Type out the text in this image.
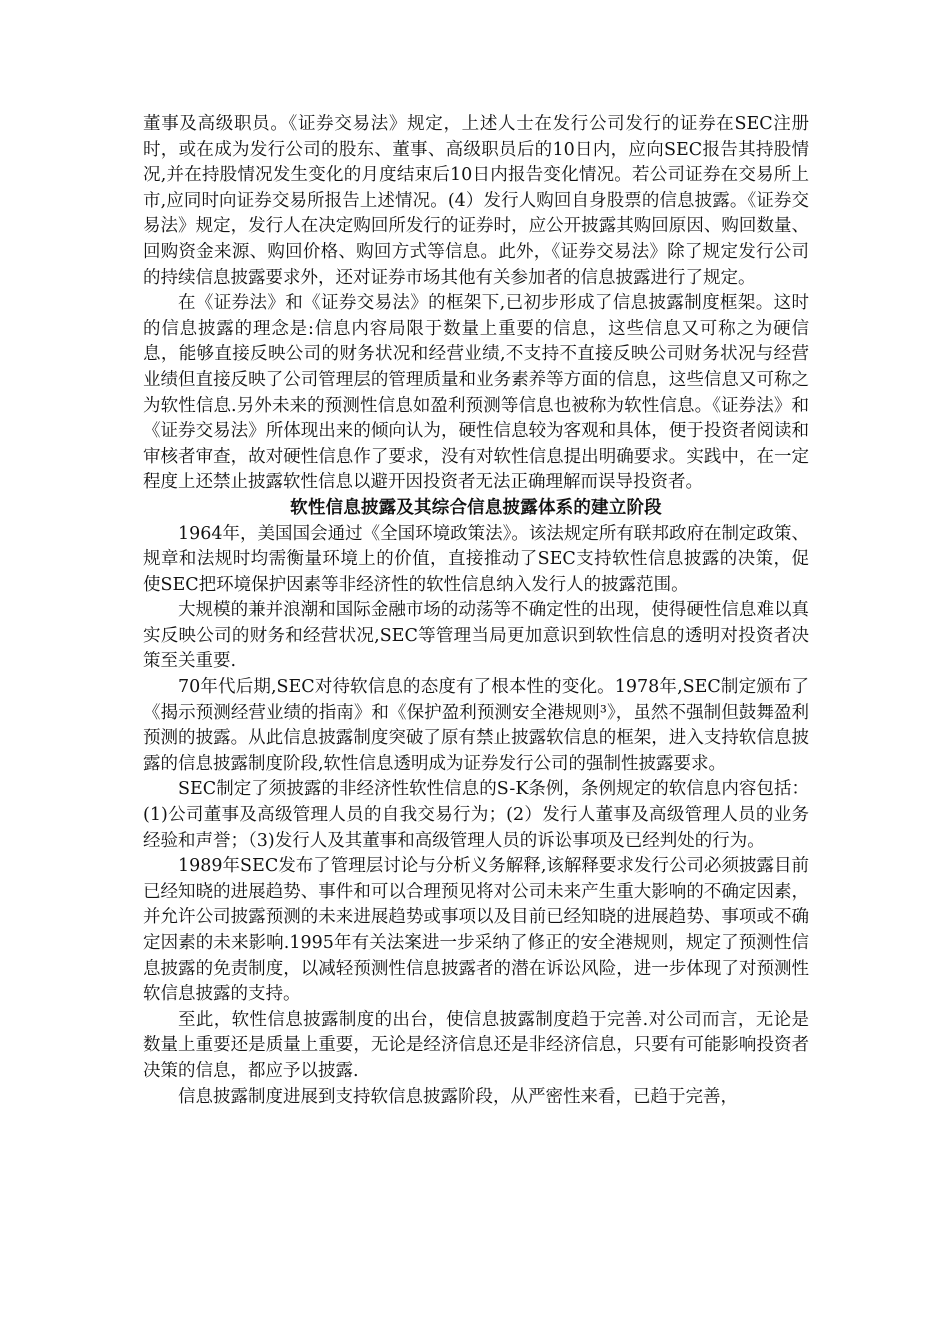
董事及高级职员。《证券交易法》规定，上述人士在发行公司发行的证券在SEC注册时，或在成为发行公司的股东、董事、高级职员后的10日内，应向SEC报告其持股情况,并在持股情况发生变化的月度结束后10日内报告变化情况。若公司证券在交易所上市,应同时向证券交易所报告上述情况。(4）发行人购回自身股票的信息披露。《证券交易法》规定，发行人在决定购回所发行的证券时，应公开披露其购回原因、购回数量、回购资金来源、购回价格、购回方式等信息。此外，《证券交易法》除了规定发行公司的持续信息披露要求外，还对证券市场其他有关参加者的信息披露进行了规定。

在《证券法》和《证券交易法》的框架下,已初步形成了信息披露制度框架。这时的信息披露的理念是:信息内容局限于数量上重要的信息，这些信息又可称之为硬信息，能够直接反映公司的财务状况和经营业绩,不支持不直接反映公司财务状况与经营业绩但直接反映了公司管理层的管理质量和业务素养等方面的信息，这些信息又可称之为软性信息.另外未来的预测性信息如盈利预测等信息也被称为软性信息。《证券法》和《证券交易法》所体现出来的倾向认为，硬性信息较为客观和具体，便于投资者阅读和审核者审查，故对硬性信息作了要求，没有对软性信息提出明确要求。实践中，在一定程度上还禁止披露软性信息以避开因投资者无法正确理解而误导投资者。

软性信息披露及其综合信息披露体系的建立阶段

1964年，美国国会通过《全国环境政策法》。该法规定所有联邦政府在制定政策、规章和法规时均需衡量环境上的价值，直接推动了SEC支持软性信息披露的决策，促使SEC把环境保护因素等非经济性的软性信息纳入发行人的披露范围。

大规模的兼并浪潮和国际金融市场的动荡等不确定性的出现，使得硬性信息难以真实反映公司的财务和经营状况,SEC等管理当局更加意识到软性信息的透明对投资者决策至关重要.

70年代后期,SEC对待软信息的态度有了根本性的变化。1978年,SEC制定颁布了《揭示预测经营业绩的指南》和《保护盈利预测安全港规则³》，虽然不强制但鼓舞盈利预测的披露。从此信息披露制度突破了原有禁止披露软信息的框架，进入支持软信息披露的信息披露制度阶段,软性信息透明成为证券发行公司的强制性披露要求。

SEC制定了须披露的非经济性软性信息的S-K条例，条例规定的软信息内容包括：(1)公司董事及高级管理人员的自我交易行为；(2）发行人董事及高级管理人员的业务经验和声誉；（3)发行人及其董事和高级管理人员的诉讼事项及已经判处的行为。

1989年SEC发布了管理层讨论与分析义务解释,该解释要求发行公司必须披露目前已经知晓的进展趋势、事件和可以合理预见将对公司未来产生重大影响的不确定因素，并允许公司披露预测的未来进展趋势或事项以及目前已经知晓的进展趋势、事项或不确定因素的未来影响.1995年有关法案进一步采纳了修正的安全港规则，规定了预测性信息披露的免责制度，以减轻预测性信息披露者的潜在诉讼风险，进一步体现了对预测性软信息披露的支持。

至此，软性信息披露制度的出台，使信息披露制度趋于完善.对公司而言，无论是数量上重要还是质量上重要，无论是经济信息还是非经济信息，只要有可能影响投资者决策的信息，都应予以披露.

信息披露制度进展到支持软信息披露阶段，从严密性来看，已趋于完善，
